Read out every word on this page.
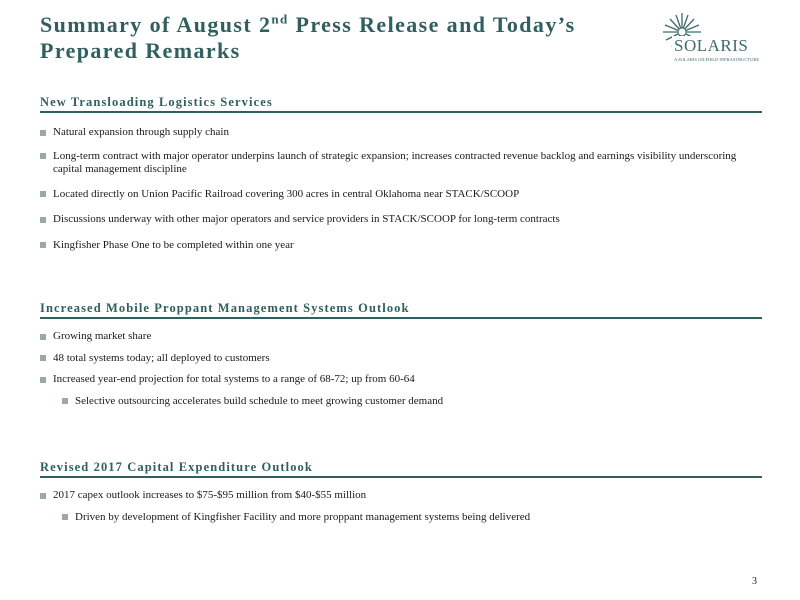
Summary of August 2nd Press Release and Today’s
Prepared Remarks	SOLARIS
A SOLARIS OILFIELD INFRASTRUCTURE
New Transloading Logistics Services
Natural expansion through supply chain
Long-term contract with major operator underpins launch of strategic expansion; increases contracted revenue backlog and earnings visibility underscoring capital management discipline
Located directly on Union Pacific Railroad covering 300 acres in central Oklahoma near STACK/SCOOP
Discussions underway with other major operators and service providers in STACK/SCOOP for long-term contracts
Kingfisher Phase One to be completed within one year
Increased Mobile Proppant Management Systems Outlook
Growing market share
48 total systems today; all deployed to customers
Increased year-end projection for total systems to a range of 68-72; up from 60-64
Selective outsourcing accelerates build schedule to meet growing customer demand
Revised 2017 Capital Expenditure Outlook
2017 capex outlook increases to $75-$95 million from $40-$55 million
Driven by development of Kingfisher Facility and more proppant management systems being delivered
3
